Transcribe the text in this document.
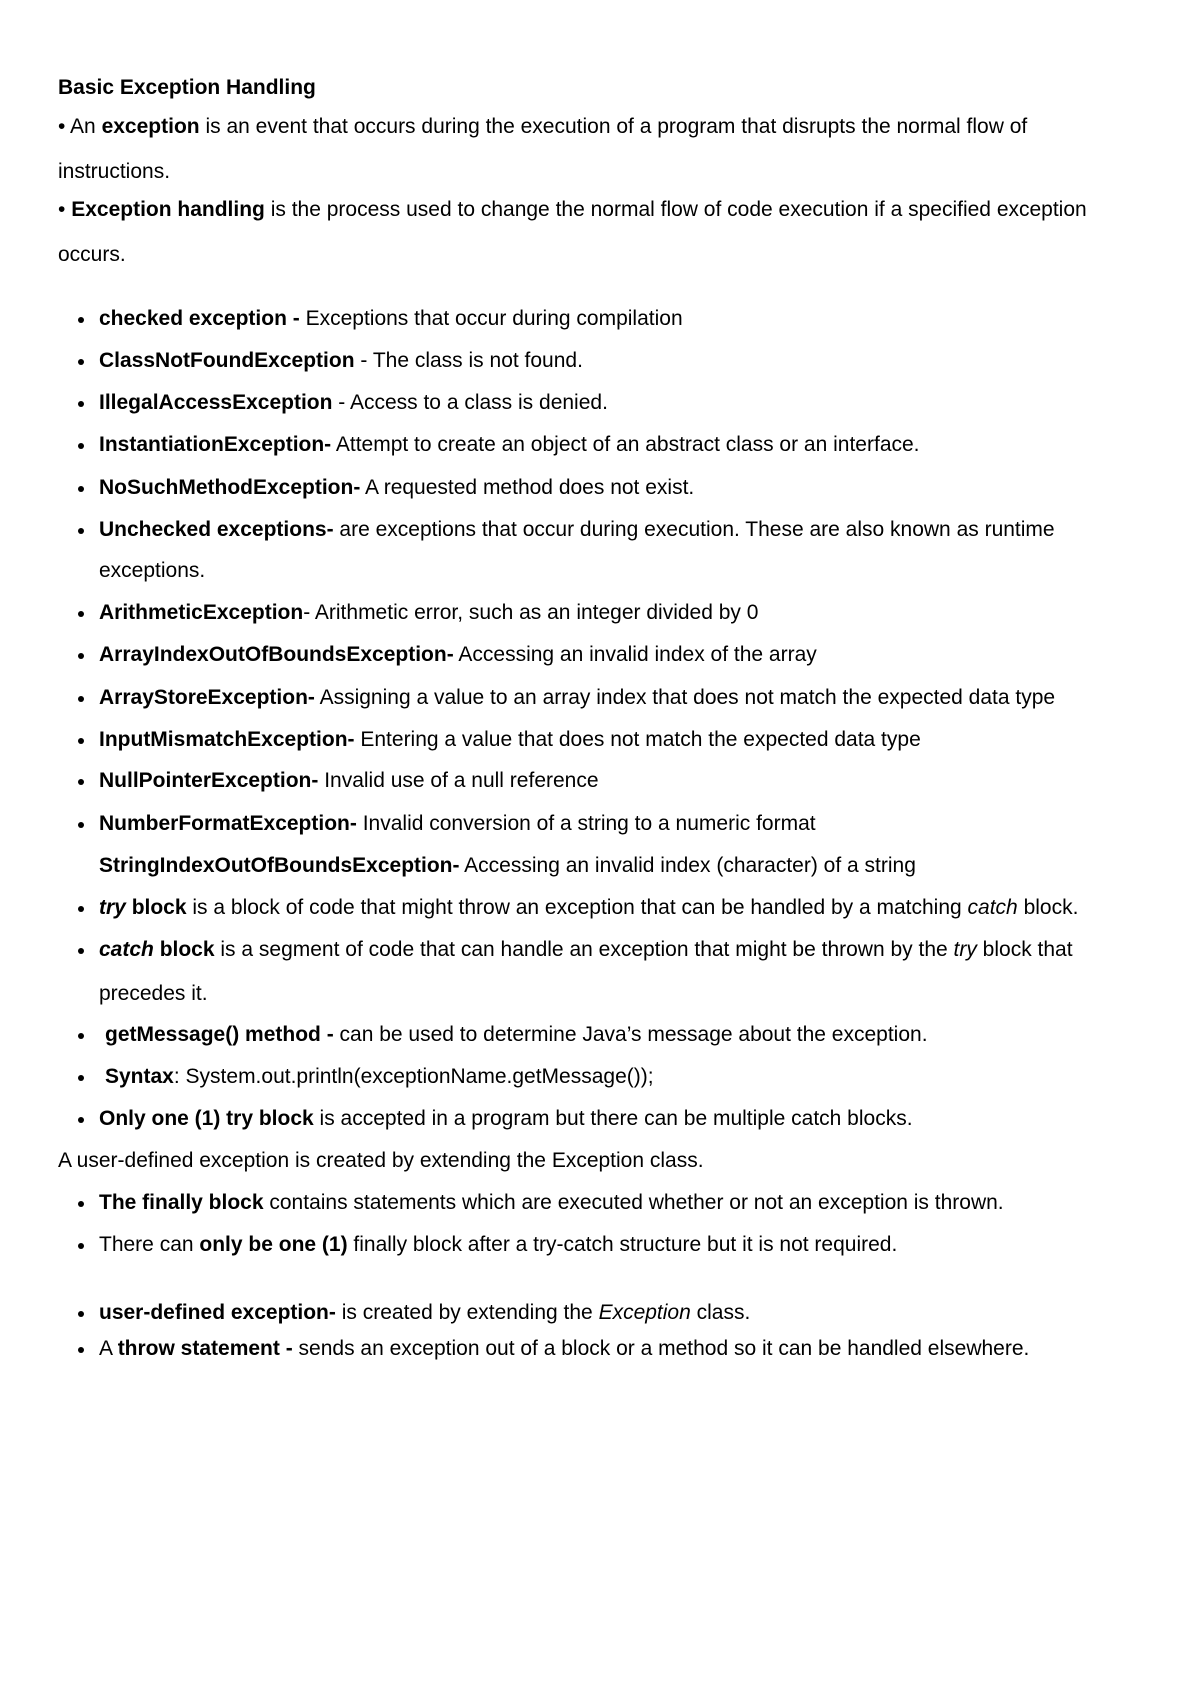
Basic Exception Handling
• An exception is an event that occurs during the execution of a program that disrupts the normal flow of
instructions.
• Exception handling is the process used to change the normal flow of code execution if a specified exception
occurs.
checked exception - Exceptions that occur during compilation
ClassNotFoundException - The class is not found.
IllegalAccessException - Access to a class is denied.
InstantiationException- Attempt to create an object of an abstract class or an interface.
NoSuchMethodException- A requested method does not exist.
Unchecked exceptions- are exceptions that occur during execution. These are also known as runtime
exceptions.
ArithmeticException- Arithmetic error, such as an integer divided by 0
ArrayIndexOutOfBoundsException- Accessing an invalid index of the array
ArrayStoreException- Assigning a value to an array index that does not match the expected data type
InputMismatchException- Entering a value that does not match the expected data type
NullPointerException- Invalid use of a null reference
NumberFormatException- Invalid conversion of a string to a numeric format
StringIndexOutOfBoundsException- Accessing an invalid index (character) of a string
try block is a block of code that might throw an exception that can be handled by a matching catch block.
catch block is a segment of code that can handle an exception that might be thrown by the try block that
precedes it.
getMessage() method - can be used to determine Java’s message about the exception.
Syntax: System.out.println(exceptionName.getMessage());
Only one (1) try block is accepted in a program but there can be multiple catch blocks.
A user-defined exception is created by extending the Exception class.
The finally block contains statements which are executed whether or not an exception is thrown.
There can only be one (1) finally block after a try-catch structure but it is not required.
user-defined exception- is created by extending the Exception class.
A throw statement - sends an exception out of a block or a method so it can be handled elsewhere.
